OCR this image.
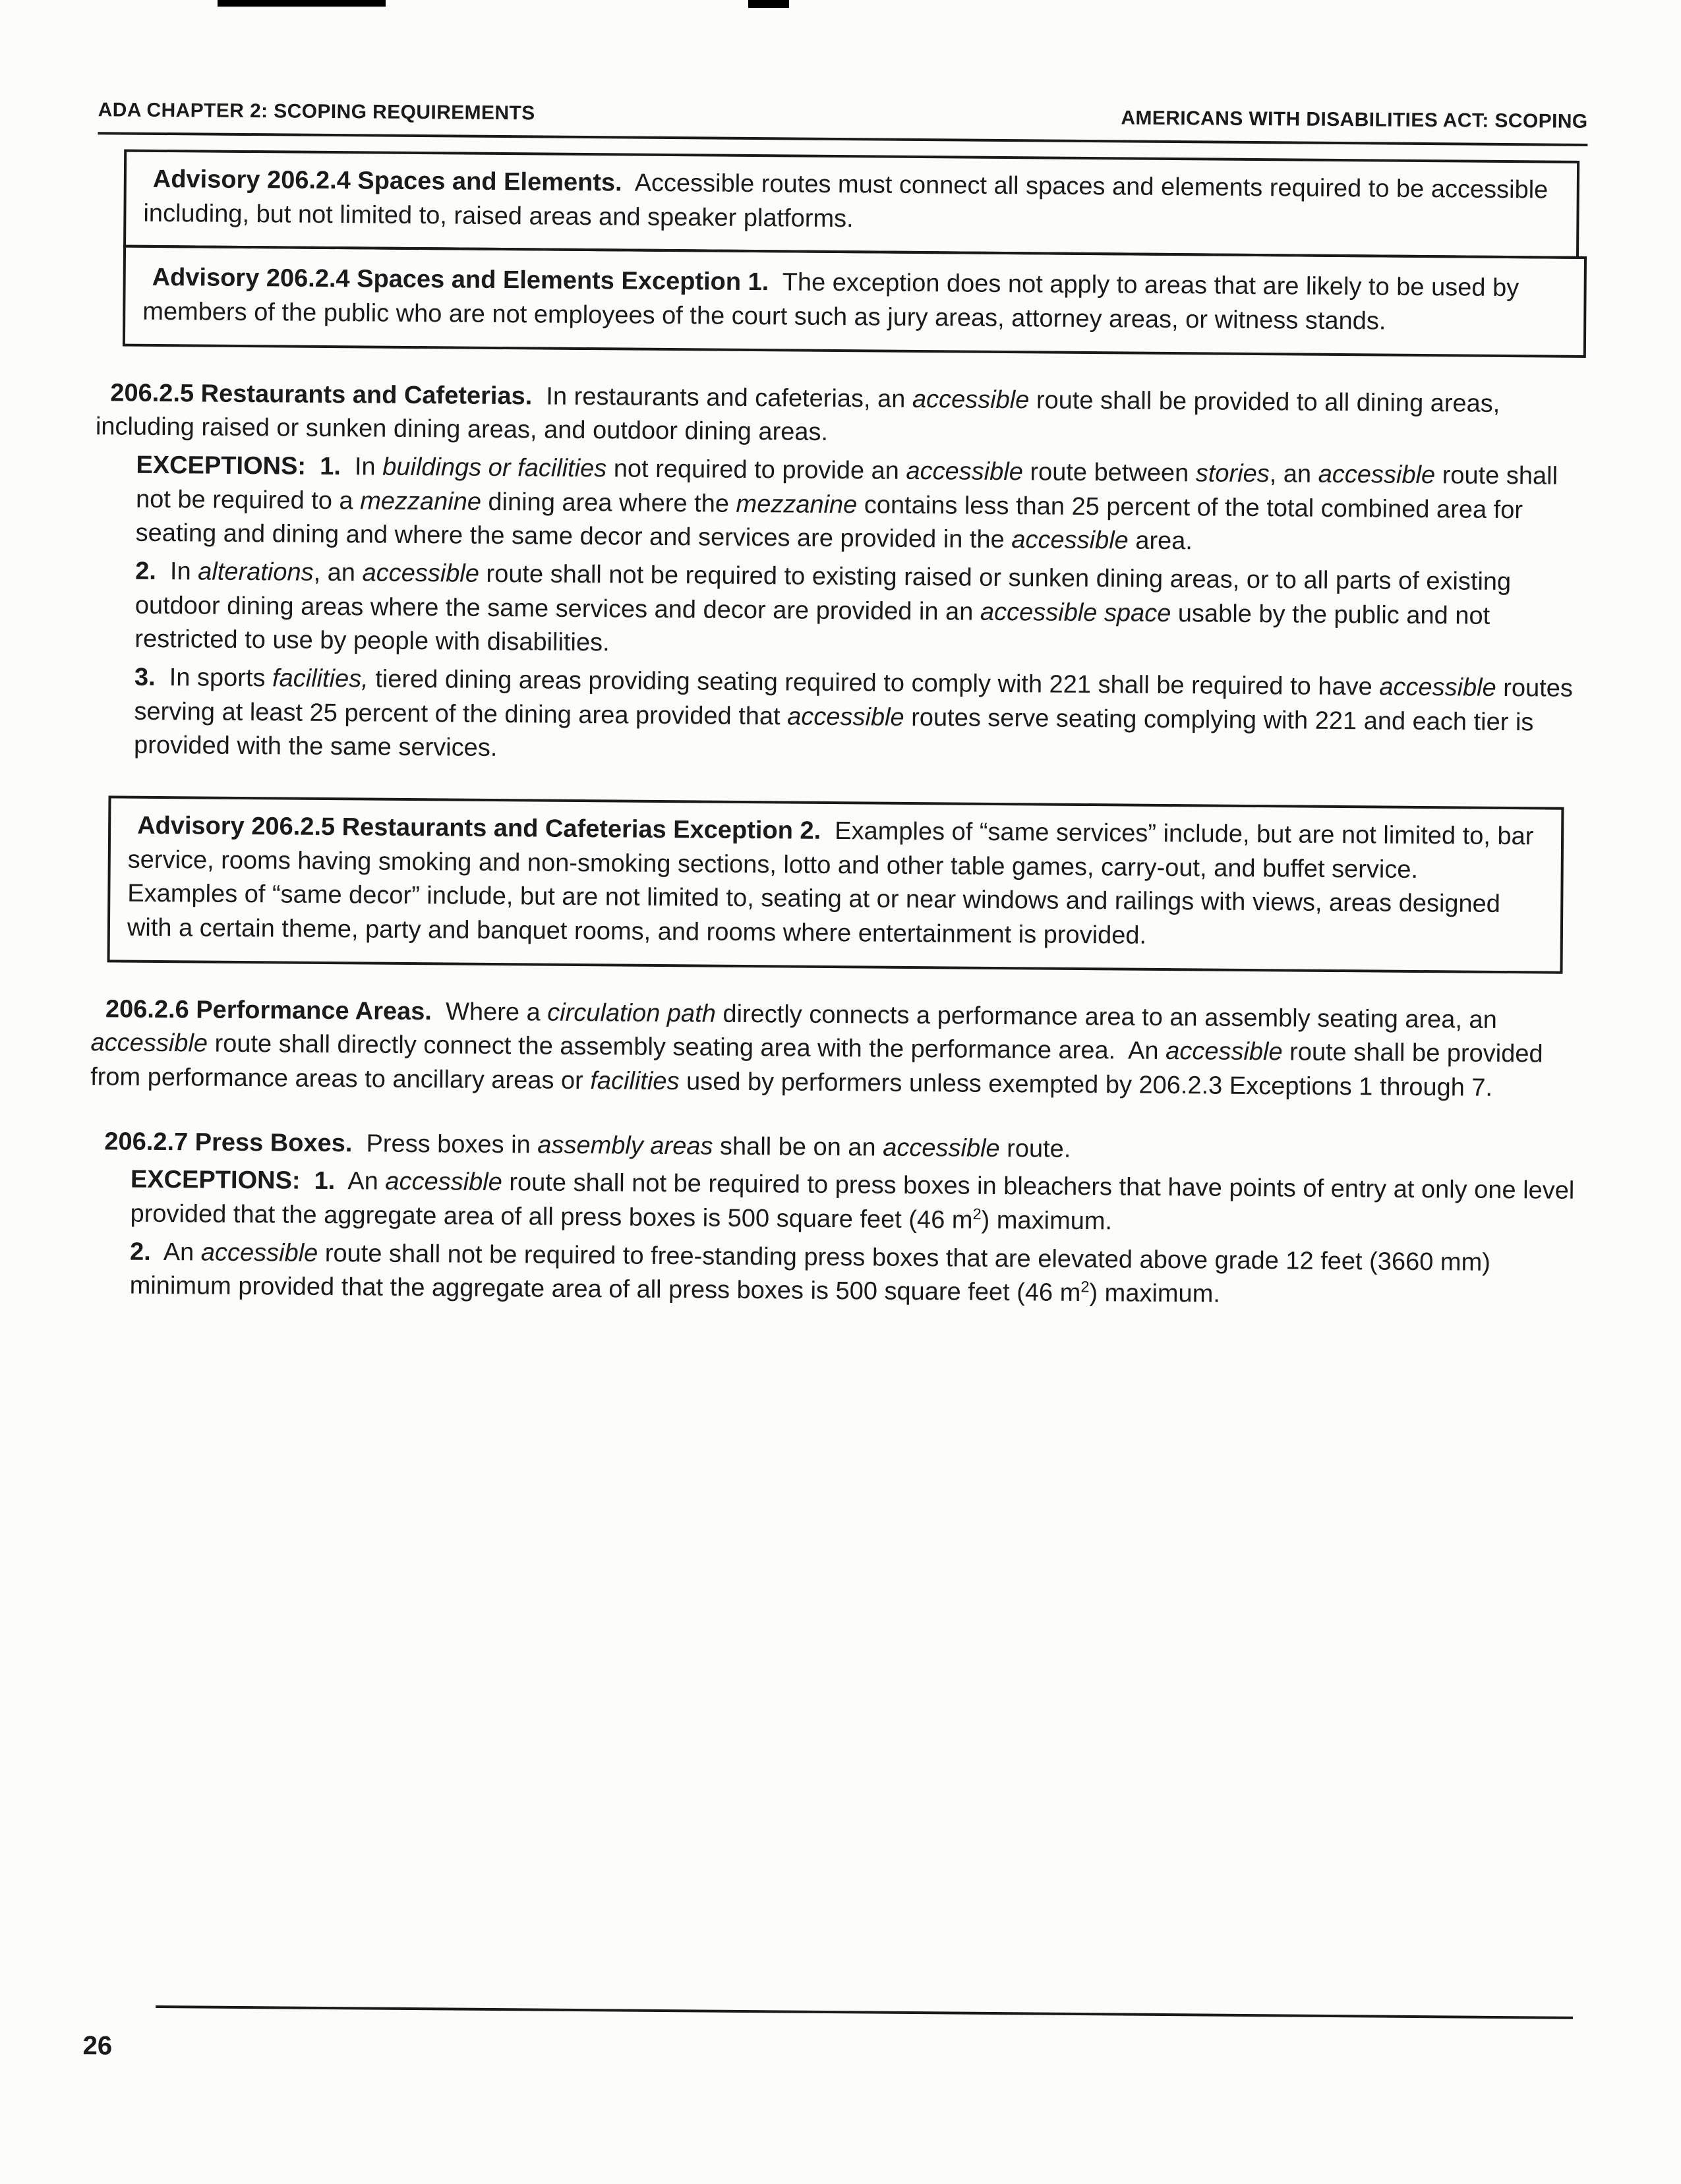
ADA CHAPTER 2: SCOPING REQUIREMENTS	AMERICANS WITH DISABILITIES ACT: SCOPING

Advisory 206.2.4 Spaces and Elements.  Accessible routes must connect all spaces and elements required to be accessible including, but not limited to, raised areas and speaker platforms.

Advisory 206.2.4 Spaces and Elements Exception 1.  The exception does not apply to areas that are likely to be used by members of the public who are not employees of the court such as jury areas, attorney areas, or witness stands.

206.2.5 Restaurants and Cafeterias.  In restaurants and cafeterias, an accessible route shall be provided to all dining areas, including raised or sunken dining areas, and outdoor dining areas.

EXCEPTIONS:  1.  In buildings or facilities not required to provide an accessible route between stories, an accessible route shall not be required to a mezzanine dining area where the mezzanine contains less than 25 percent of the total combined area for seating and dining and where the same decor and services are provided in the accessible area.

2.  In alterations, an accessible route shall not be required to existing raised or sunken dining areas, or to all parts of existing outdoor dining areas where the same services and decor are provided in an accessible space usable by the public and not restricted to use by people with disabilities.

3.  In sports facilities, tiered dining areas providing seating required to comply with 221 shall be required to have accessible routes serving at least 25 percent of the dining area provided that accessible routes serve seating complying with 221 and each tier is provided with the same services.

Advisory 206.2.5 Restaurants and Cafeterias Exception 2.  Examples of “same services” include, but are not limited to, bar service, rooms having smoking and non-smoking sections, lotto and other table games, carry-out, and buffet service.  Examples of “same decor” include, but are not limited to, seating at or near windows and railings with views, areas designed with a certain theme, party and banquet rooms, and rooms where entertainment is provided.

206.2.6 Performance Areas.  Where a circulation path directly connects a performance area to an assembly seating area, an accessible route shall directly connect the assembly seating area with the performance area.  An accessible route shall be provided from performance areas to ancillary areas or facilities used by performers unless exempted by 206.2.3 Exceptions 1 through 7.

206.2.7 Press Boxes.  Press boxes in assembly areas shall be on an accessible route.

EXCEPTIONS:  1.  An accessible route shall not be required to press boxes in bleachers that have points of entry at only one level provided that the aggregate area of all press boxes is 500 square feet (46 $m^2$) maximum.

2.  An accessible route shall not be required to free-standing press boxes that are elevated above grade 12 feet (3660 mm) minimum provided that the aggregate area of all press boxes is 500 square feet (46 $m^2$) maximum.

26
